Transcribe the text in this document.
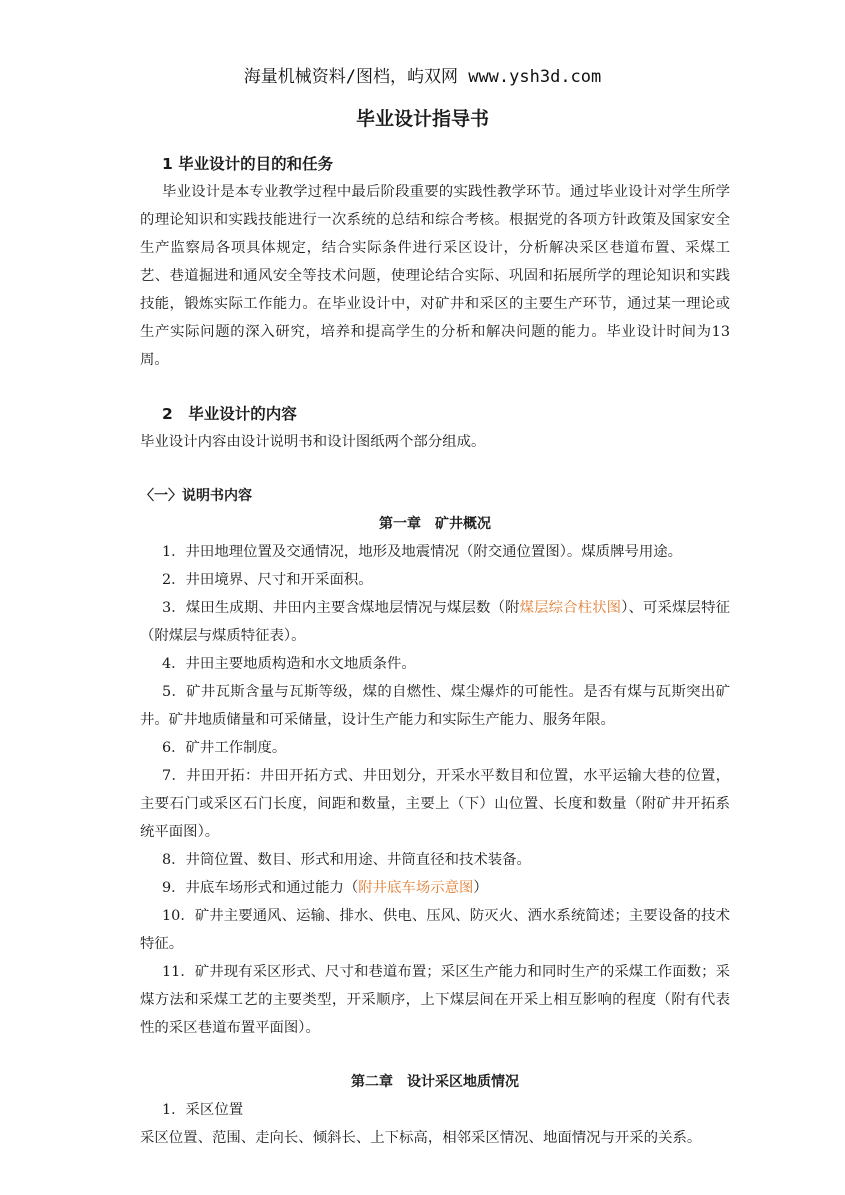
海量机械资料/图档，屿双网 www.ysh3d.com
毕业设计指导书

1 毕业设计的目的和任务

毕业设计是本专业教学过程中最后阶段重要的实践性教学环节。通过毕业设计对学生所学的理论知识和实践技能进行一次系统的总结和综合考核。根据党的各项方针政策及国家安全生产监察局各项具体规定，结合实际条件进行采区设计，分析解决采区巷道布置、采煤工艺、巷道掘进和通风安全等技术问题，使理论结合实际、巩固和拓展所学的理论知识和实践技能，锻炼实际工作能力。在毕业设计中，对矿井和采区的主要生产环节，通过某一理论或生产实际问题的深入研究，培养和提高学生的分析和解决问题的能力。毕业设计时间为13周。

2　毕业设计的内容

毕业设计内容由设计说明书和设计图纸两个部分组成。

〈一〉说明书内容

第一章 矿井概况

1．井田地理位置及交通情况，地形及地震情况（附交通位置图）。煤质牌号用途。

2．井田境界、尺寸和开采面积。

3．煤田生成期、井田内主要含煤地层情况与煤层数（附煤层综合柱状图）、可采煤层特征（附煤层与煤质特征表）。

4．井田主要地质构造和水文地质条件。

5．矿井瓦斯含量与瓦斯等级，煤的自燃性、煤尘爆炸的可能性。是否有煤与瓦斯突出矿井。矿井地质储量和可采储量，设计生产能力和实际生产能力、服务年限。

6．矿井工作制度。

7．井田开拓：井田开拓方式、井田划分，开采水平数目和位置，水平运输大巷的位置，主要石门或采区石门长度，间距和数量，主要上（下）山位置、长度和数量（附矿井开拓系统平面图）。

8．井筒位置、数目、形式和用途、井筒直径和技术装备。

9．井底车场形式和通过能力（附井底车场示意图）

10．矿井主要通风、运输、排水、供电、压风、防灭火、洒水系统简述；主要设备的技术特征。

11．矿井现有采区形式、尺寸和巷道布置；采区生产能力和同时生产的采煤工作面数；采煤方法和采煤工艺的主要类型，开采顺序，上下煤层间在开采上相互影响的程度（附有代表性的采区巷道布置平面图）。

第二章 设计采区地质情况

1．采区位置

采区位置、范围、走向长、倾斜长、上下标高，相邻采区情况、地面情况与开采的关系。
